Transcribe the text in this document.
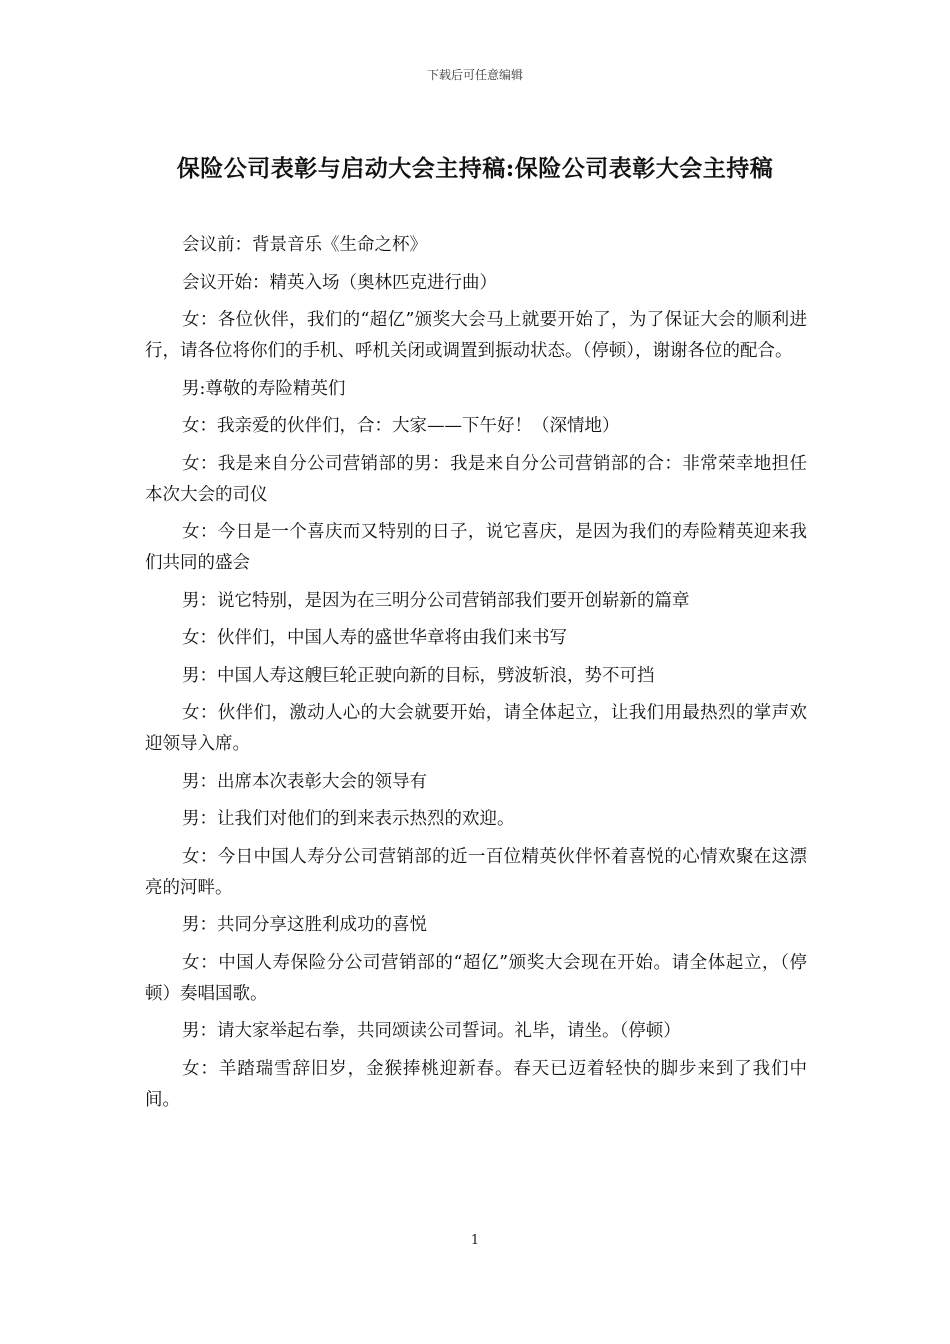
下载后可任意编辑
保险公司表彰与启动大会主持稿:保险公司表彰大会主持稿

会议前：背景音乐《生命之杯》

会议开始：精英入场（奥林匹克进行曲）

女：各位伙伴，我们的“超亿”颁奖大会马上就要开始了，为了保证大会的顺利进行，请各位将你们的手机、呼机关闭或调置到振动状态。（停顿），谢谢各位的配合。

男:尊敬的寿险精英们

女：我亲爱的伙伴们，合：大家——下午好！（深情地）

女：我是来自分公司营销部的男：我是来自分公司营销部的合：非常荣幸地担任本次大会的司仪

女：今日是一个喜庆而又特别的日子，说它喜庆，是因为我们的寿险精英迎来我们共同的盛会

男：说它特别，是因为在三明分公司营销部我们要开创崭新的篇章

女：伙伴们，中国人寿的盛世华章将由我们来书写

男：中国人寿这艘巨轮正驶向新的目标，劈波斩浪，势不可挡

女：伙伴们，激动人心的大会就要开始，请全体起立，让我们用最热烈的掌声欢迎领导入席。

男：出席本次表彰大会的领导有

男：让我们对他们的到来表示热烈的欢迎。

女：今日中国人寿分公司营销部的近一百位精英伙伴怀着喜悦的心情欢聚在这漂亮的河畔。

男：共同分享这胜利成功的喜悦

女：中国人寿保险分公司营销部的“超亿”颁奖大会现在开始。请全体起立，（停顿）奏唱国歌。

男：请大家举起右拳，共同颂读公司誓词。礼毕，请坐。（停顿）

女：羊踏瑞雪辞旧岁，金猴捧桃迎新春。春天已迈着轻快的脚步来到了我们中间。

1
